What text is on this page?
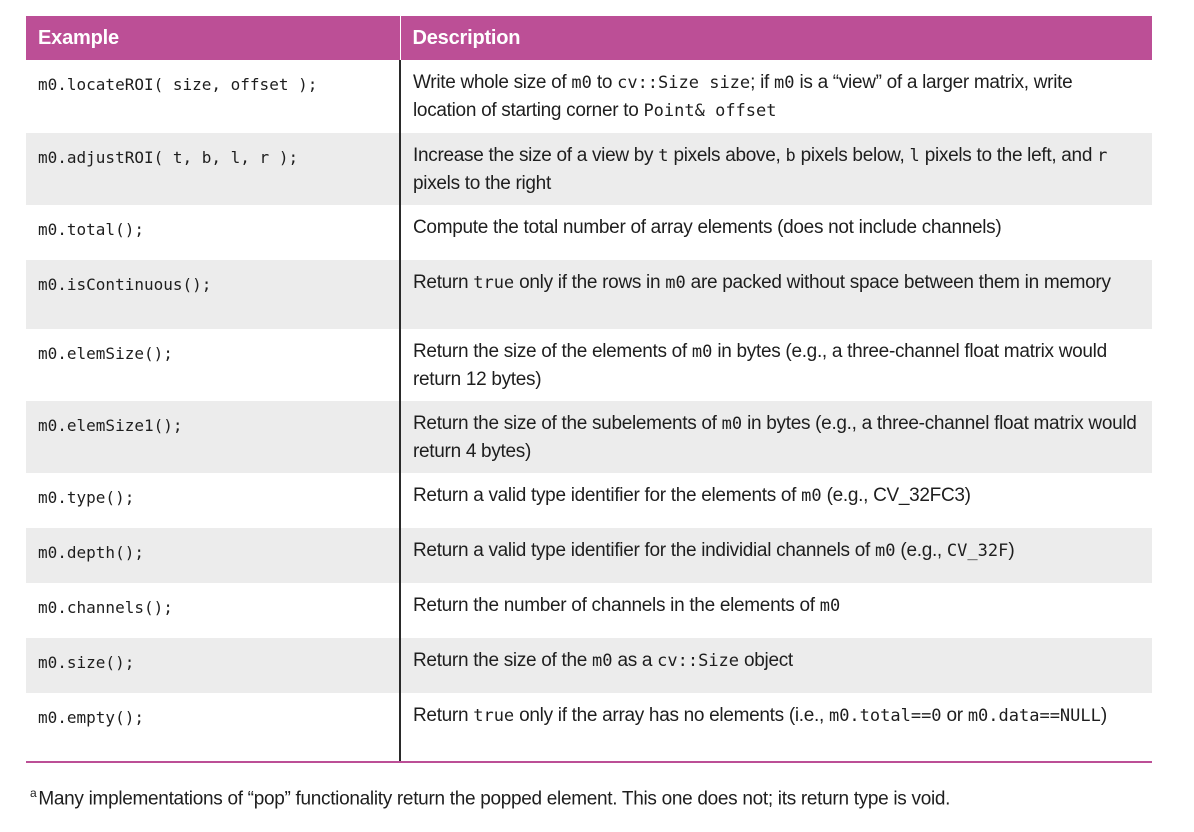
Example	Description
m0.locateROI( size, offset );	Write whole size of m0 to cv::Size size; if m0 is a “view” of a larger matrix, write location of starting corner to Point& offset
m0.adjustROI( t, b, l, r );	Increase the size of a view by t pixels above, b pixels below, l pixels to the left, and r pixels to the right
m0.total();	Compute the total number of array elements (does not include channels)
m0.isContinuous();	Return true only if the rows in m0 are packed without space between them in memory
m0.elemSize();	Return the size of the elements of m0 in bytes (e.g., a three-channel float matrix would return 12 bytes)
m0.elemSize1();	Return the size of the subelements of m0 in bytes (e.g., a three-channel float matrix would return 4 bytes)
m0.type();	Return a valid type identifier for the elements of m0 (e.g., CV_32FC3)
m0.depth();	Return a valid type identifier for the individial channels of m0 (e.g., CV_32F)
m0.channels();	Return the number of channels in the elements of m0
m0.size();	Return the size of the m0 as a cv::Size object
m0.empty();	Return true only if the array has no elements (i.e., m0.total==0 or m0.data==NULL)
$^a$ Many implementations of “pop” functionality return the popped element. This one does not; its return type is void.
